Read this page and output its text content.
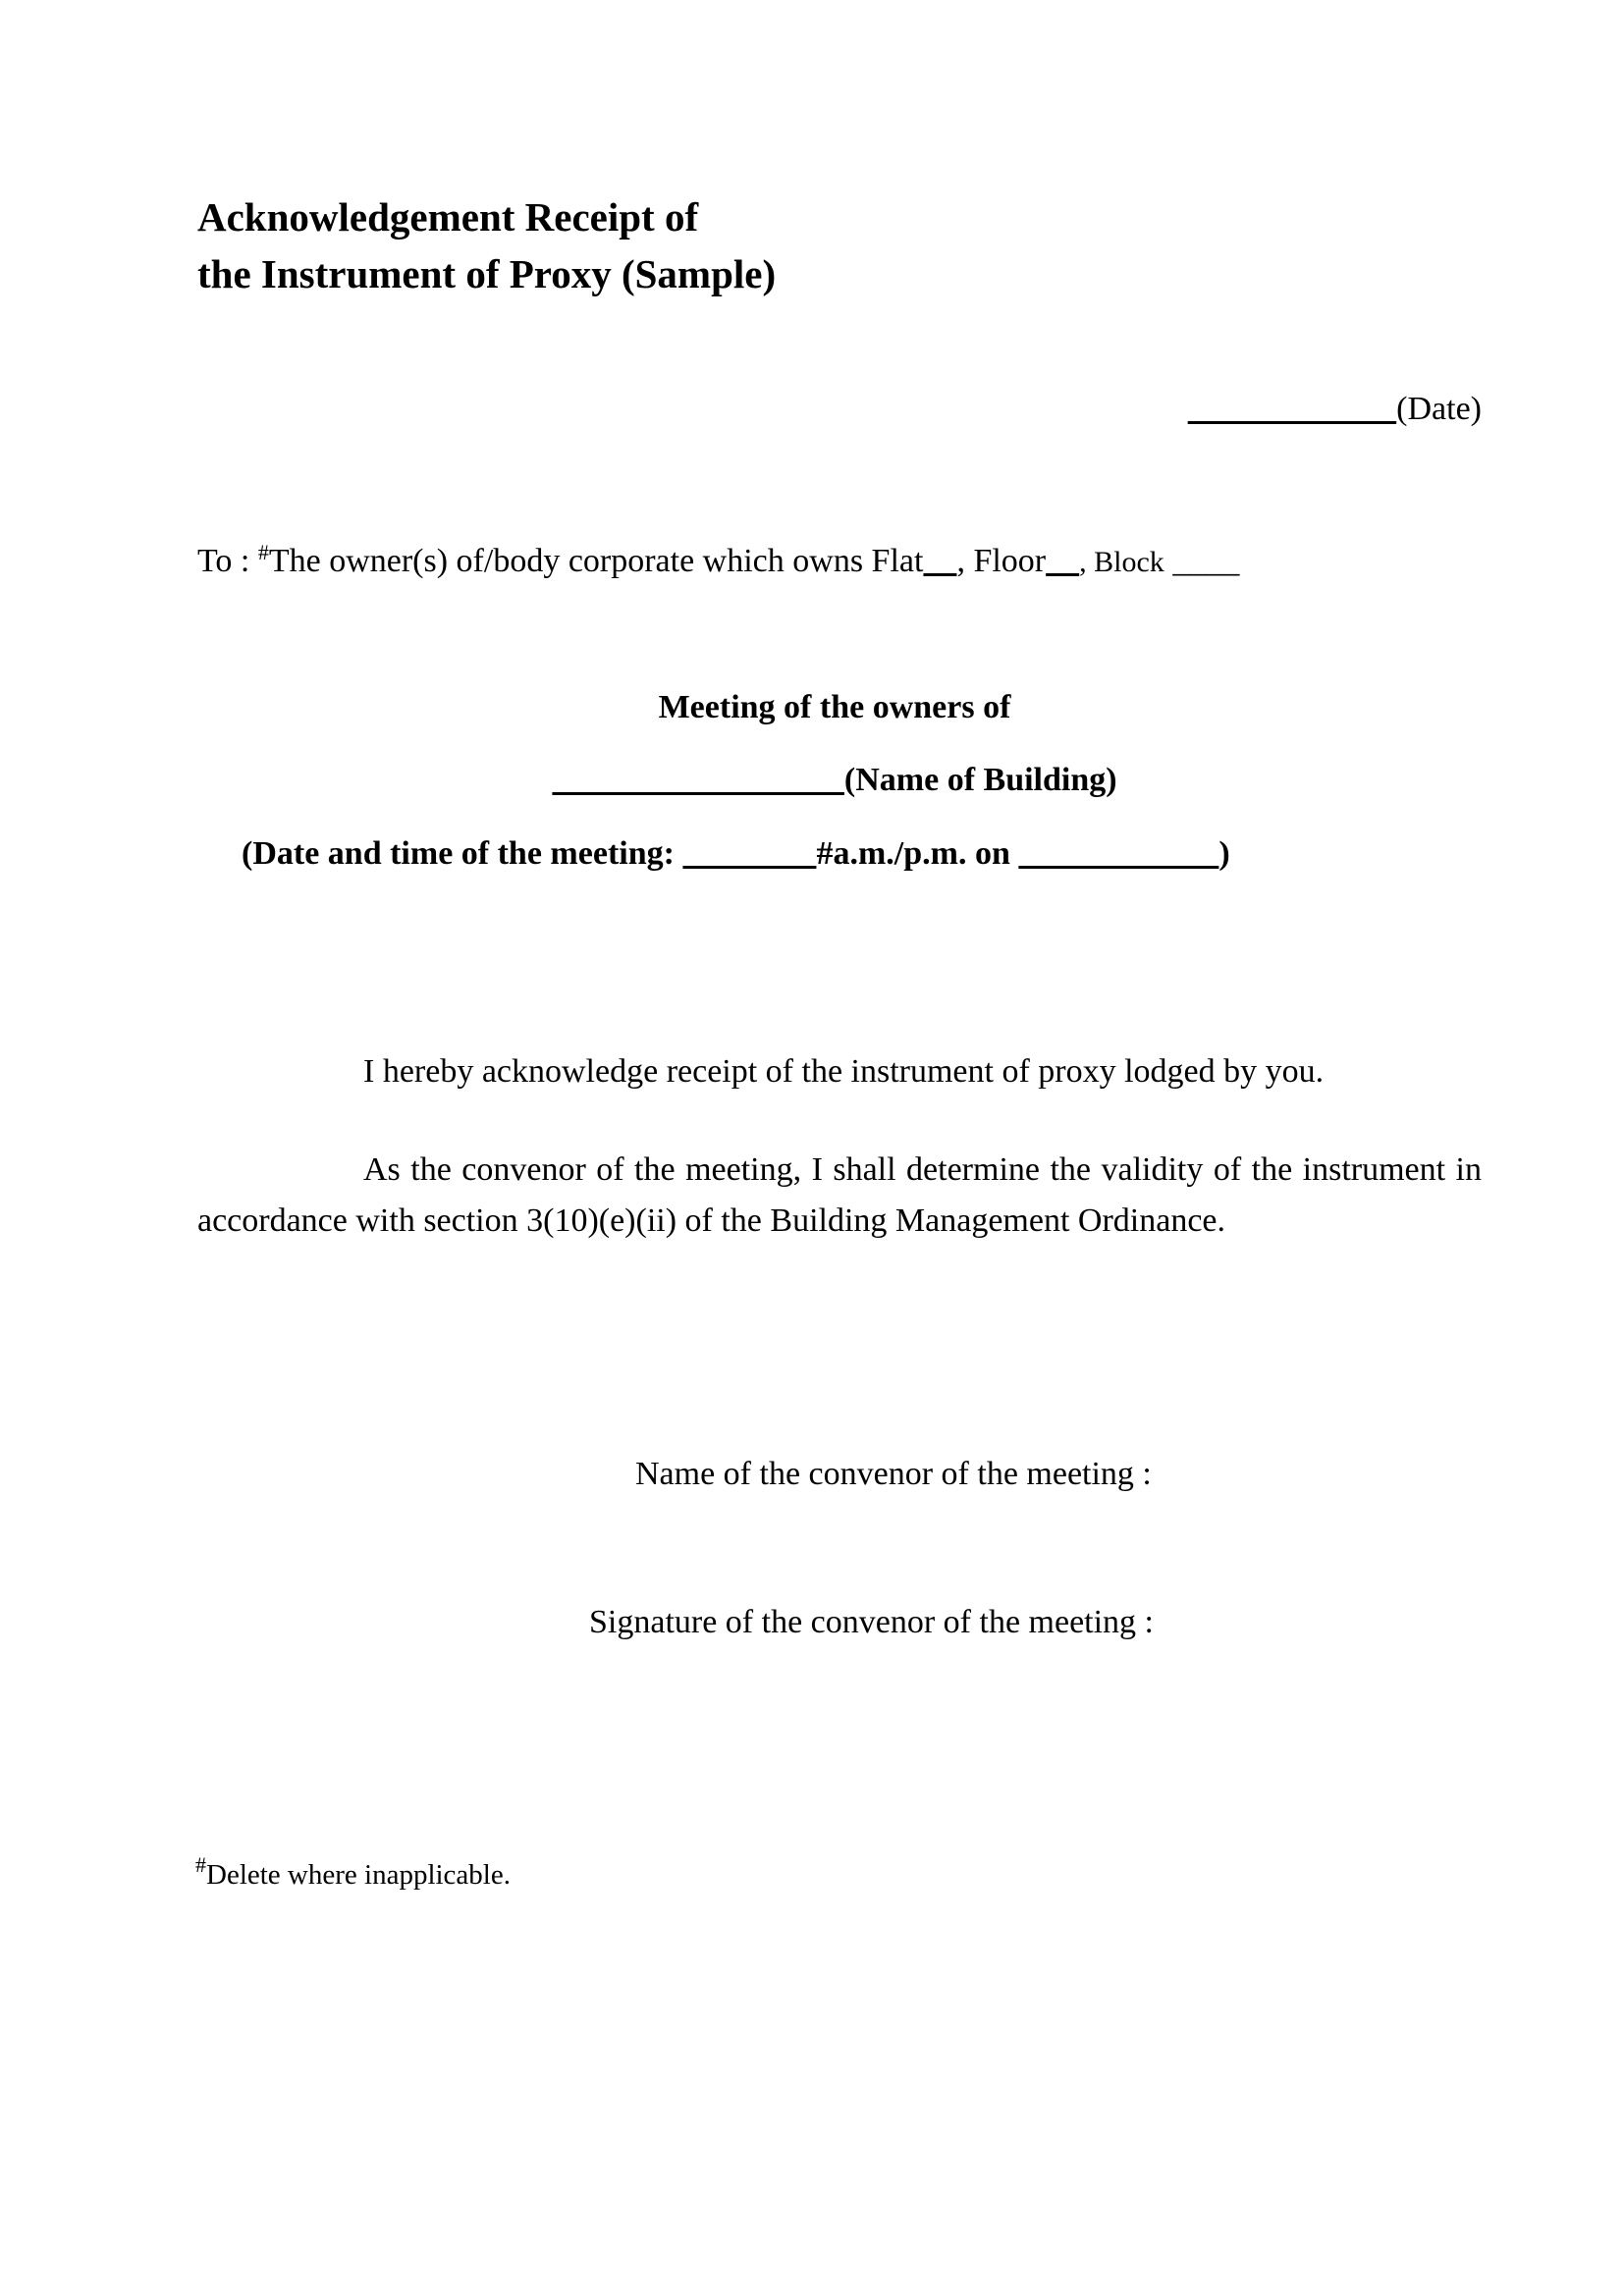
Acknowledgement Receipt of
the Instrument of Proxy (Sample)
(Date)
To : #The owner(s) of/body corporate which owns Flat , Floor , Block ____
Meeting of the owners of
(Name of Building)
(Date and time of the meeting:	#a.m./p.m. on	)

I hereby acknowledge receipt of the instrument of proxy lodged by you.

As the convenor of the meeting, I shall determine the validity of the instrument in accordance with section 3(10)(e)(ii) of the Building Management Ordinance.

Name of the convenor of the meeting :
Signature of the convenor of the meeting :
#Delete where inapplicable.
